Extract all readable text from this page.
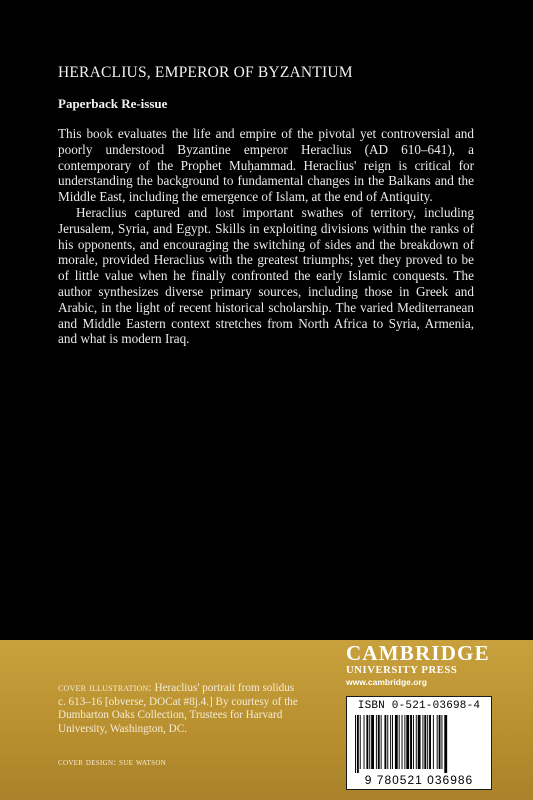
HERACLIUS, EMPEROR OF BYZANTIUM
Paperback Re-issue

This book evaluates the life and empire of the pivotal yet controversial and poorly understood Byzantine emperor Heraclius (AD 610–641), a contemporary of the Prophet Muḥammad. Heraclius' reign is critical for understanding the background to fundamental changes in the Balkans and the Middle East, including the emergence of Islam, at the end of Antiquity.

Heraclius captured and lost important swathes of territory, including Jerusalem, Syria, and Egypt. Skills in exploiting divisions within the ranks of his opponents, and encouraging the switching of sides and the breakdown of morale, provided Heraclius with the greatest triumphs; yet they proved to be of little value when he finally confronted the early Islamic conquests. The author synthesizes diverse primary sources, including those in Greek and Arabic, in the light of recent historical scholarship. The varied Mediterranean and Middle Eastern context stretches from North Africa to Syria, Armenia, and what is modern Iraq.

cover illustration: Heraclius' portrait from solidus c. 613–16 [obverse, DOCat #8j.4.] By courtesy of the Dumbarton Oaks Collection, Trustees for Harvard University, Washington, DC.
cover design: sue watson
CAMBRIDGE
UNIVERSITY PRESS
www.cambridge.org
ISBN 0-521-03698-4
9 780521 036986
